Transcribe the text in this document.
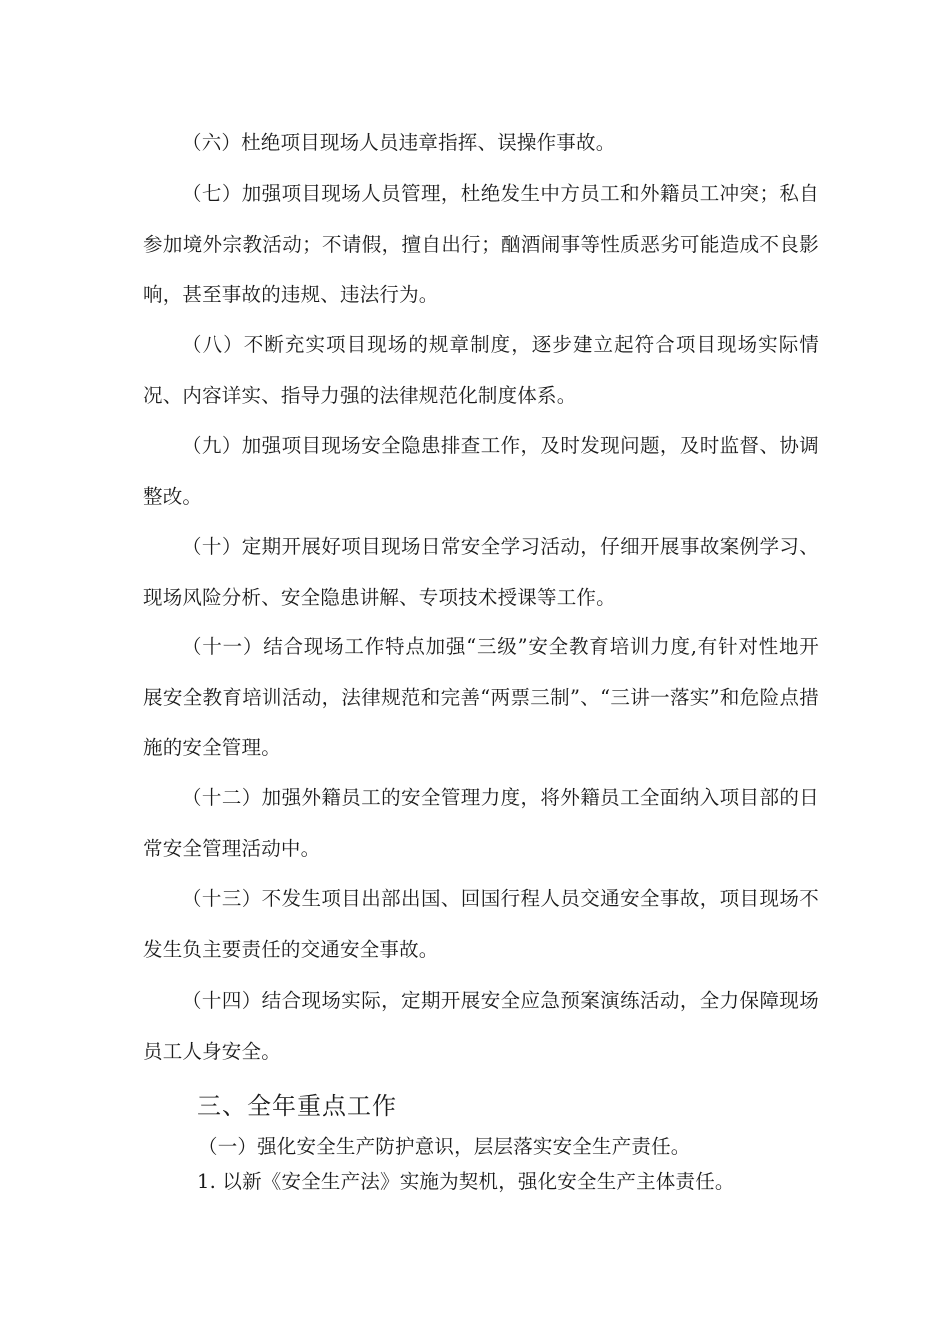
（六）杜绝项目现场人员违章指挥、误操作事故。

（七）加强项目现场人员管理，杜绝发生中方员工和外籍员工冲突；私自参加境外宗教活动；不请假，擅自出行；酗酒闹事等性质恶劣可能造成不良影响，甚至事故的违规、违法行为。

（八）不断充实项目现场的规章制度，逐步建立起符合项目现场实际情况、内容详实、指导力强的法律规范化制度体系。

（九）加强项目现场安全隐患排查工作，及时发现问题，及时监督、协调整改。

（十）定期开展好项目现场日常安全学习活动，仔细开展事故案例学习、现场风险分析、安全隐患讲解、专项技术授课等工作。

（十一）结合现场工作特点加强“三级”安全教育培训力度,有针对性地开展安全教育培训活动，法律规范和完善“两票三制”、“三讲一落实”和危险点措施的安全管理。

（十二）加强外籍员工的安全管理力度，将外籍员工全面纳入项目部的日常安全管理活动中。

（十三）不发生项目出部出国、回国行程人员交通安全事故，项目现场不发生负主要责任的交通安全事故。

（十四）结合现场实际，定期开展安全应急预案演练活动，全力保障现场员工人身安全。

三、全年重点工作

（一）强化安全生产防护意识，层层落实安全生产责任。

1. 以新《安全生产法》实施为契机，强化安全生产主体责任。
